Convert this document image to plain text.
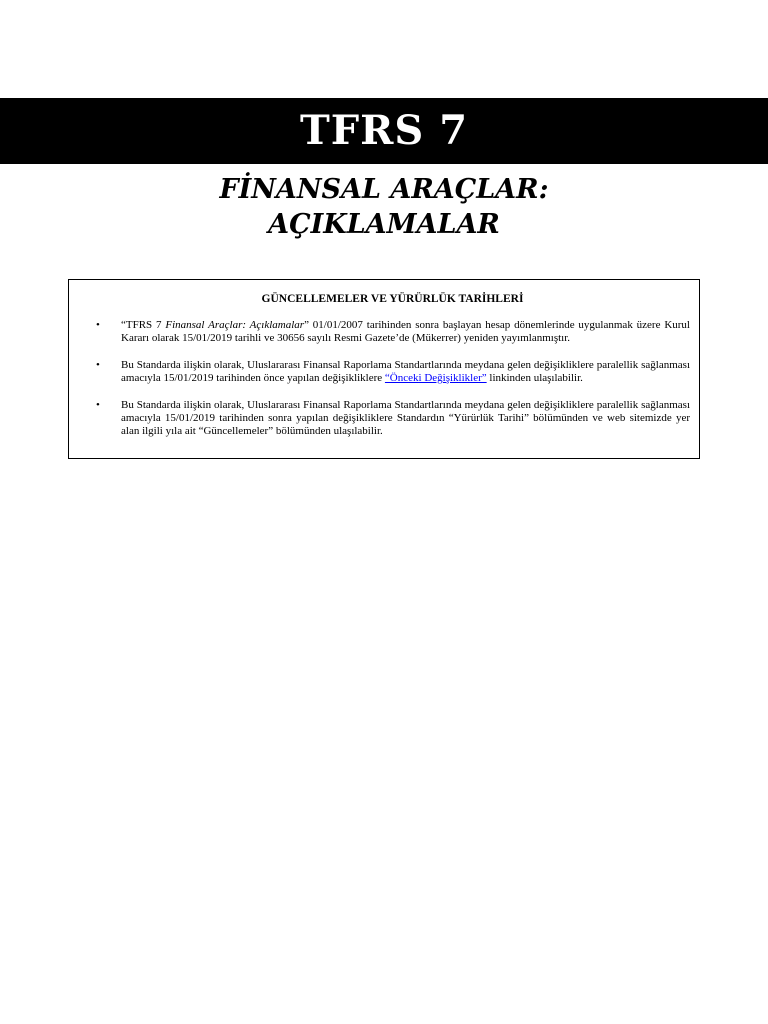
TFRS 7
FİNANSAL ARAÇLAR:
AÇIKLAMALAR
GÜNCELLEMELER VE YÜRÜRLÜK TARİHLERİ
• “TFRS 7 Finansal Araçlar: Açıklamalar” 01/01/2007 tarihinden sonra başlayan hesap dönemlerinde uygulanmak üzere Kurul Kararı olarak 15/01/2019 tarihli ve 30656 sayılı Resmi Gazete’de (Mükerrer) yeniden yayımlanmıştır.
• Bu Standarda ilişkin olarak, Uluslararası Finansal Raporlama Standartlarında meydana gelen değişikliklere paralellik sağlanması amacıyla 15/01/2019 tarihinden önce yapılan değişikliklere “Önceki Değişiklikler” linkinden ulaşılabilir.
• Bu Standarda ilişkin olarak, Uluslararası Finansal Raporlama Standartlarında meydana gelen değişikliklere paralellik sağlanması amacıyla 15/01/2019 tarihinden sonra yapılan değişikliklere Standardın “Yürürlük Tarihi” bölümünden ve web sitemizde yer alan ilgili yıla ait “Güncellemeler” bölümünden ulaşılabilir.
